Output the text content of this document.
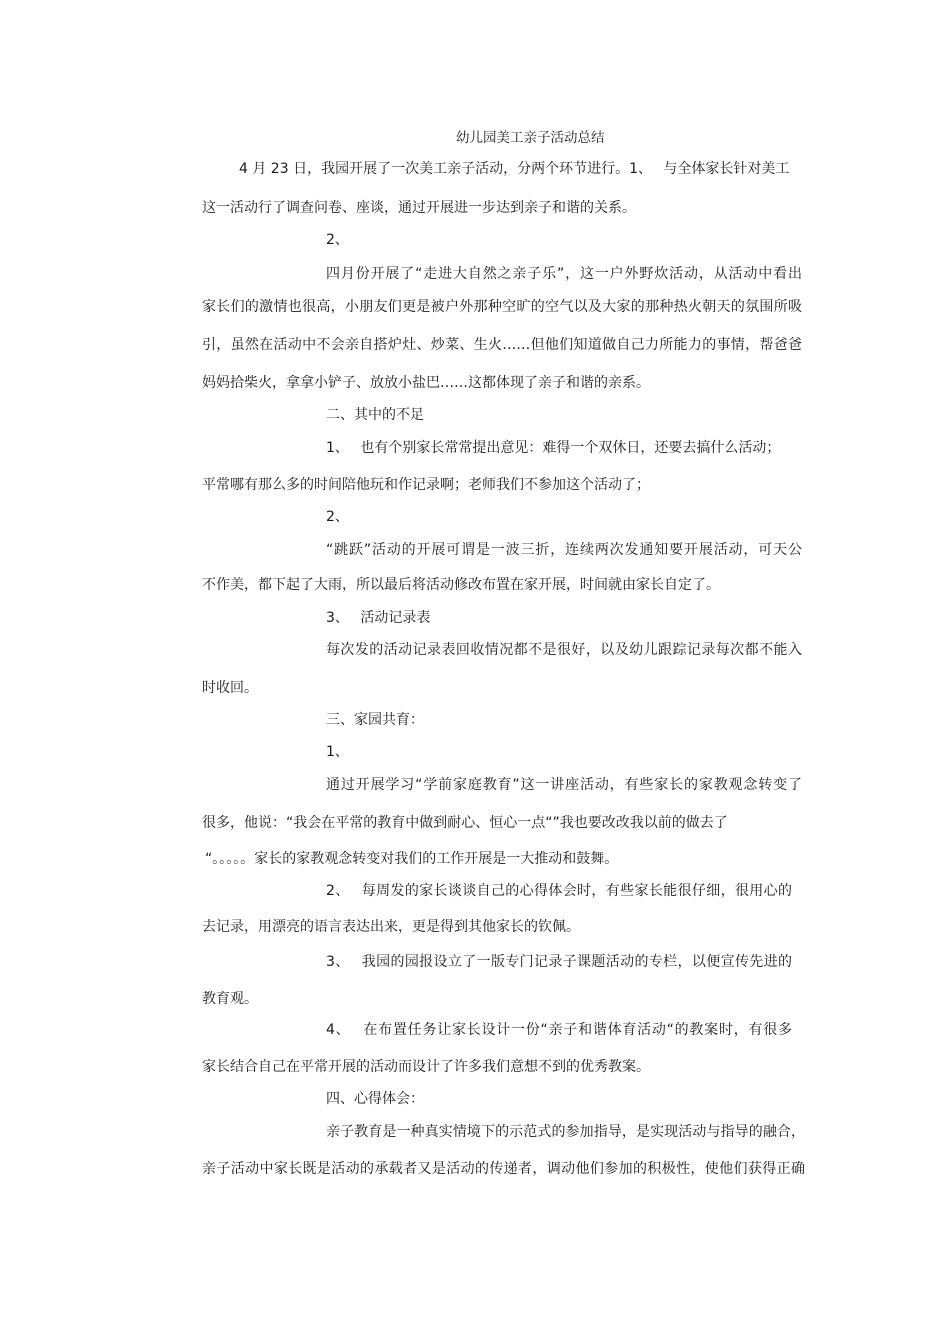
幼儿园美工亲子活动总结

4 月 23 日，我园开展了一次美工亲子活动，分两个环节进行。1、　 与全体家长针对美工

这一活动行了调查问卷、座谈，通过开展进一步达到亲子和谐的关系。

2、

四月份开展了“走进大自然之亲子乐”，这一户外野炊活动，从活动中看出

家长们的激情也很高，小朋友们更是被户外那种空旷的空气以及大家的那种热火朝天的氛围所吸

引，虽然在活动中不会亲自搭炉灶、炒菜、生火……但他们知道做自己力所能力的事情，帮爸爸

妈妈拾柴火，拿拿小铲子、放放小盐巴……这都体现了亲子和谐的亲系。

二、其中的不足

1、　 也有个别家长常常提出意见：难得一个双休日，还要去搞什么活动；

平常哪有那么多的时间陪他玩和作记录啊；老师我们不参加这个活动了；

2、

“跳跃”活动的开展可谓是一波三折，连续两次发通知要开展活动，可天公

不作美，都下起了大雨，所以最后将活动修改布置在家开展，时间就由家长自定了。

3、　 活动记录表

每次发的活动记录表回收情况都不是很好，以及幼儿跟踪记录每次都不能入

时收回。

三、家园共育：

1、

通过开展学习“学前家庭教育”这一讲座活动，有些家长的家教观念转变了

很多，他说：“我会在平常的教育中做到耐心、恒心一点“”我也要改改我以前的做去了

“。。。。。家长的家教观念转变对我们的工作开展是一大推动和鼓舞。

2、　 每周发的家长谈谈自己的心得体会时，有些家长能很仔细，很用心的

去记录，用漂亮的语言表达出来，更是得到其他家长的钦佩。

3、　 我园的园报设立了一版专门记录子课题活动的专栏，以便宣传先进的

教育观。

4、　 在布置任务让家长设计一份“亲子和谐体育活动“的教案时，有很多

家长结合自己在平常开展的活动而设计了许多我们意想不到的优秀教案。

四、心得体会：

亲子教育是一种真实情境下的示范式的参加指导，是实现活动与指导的融合，

亲子活动中家长既是活动的承载者又是活动的传递者，调动他们参加的积极性，使他们获得正确
